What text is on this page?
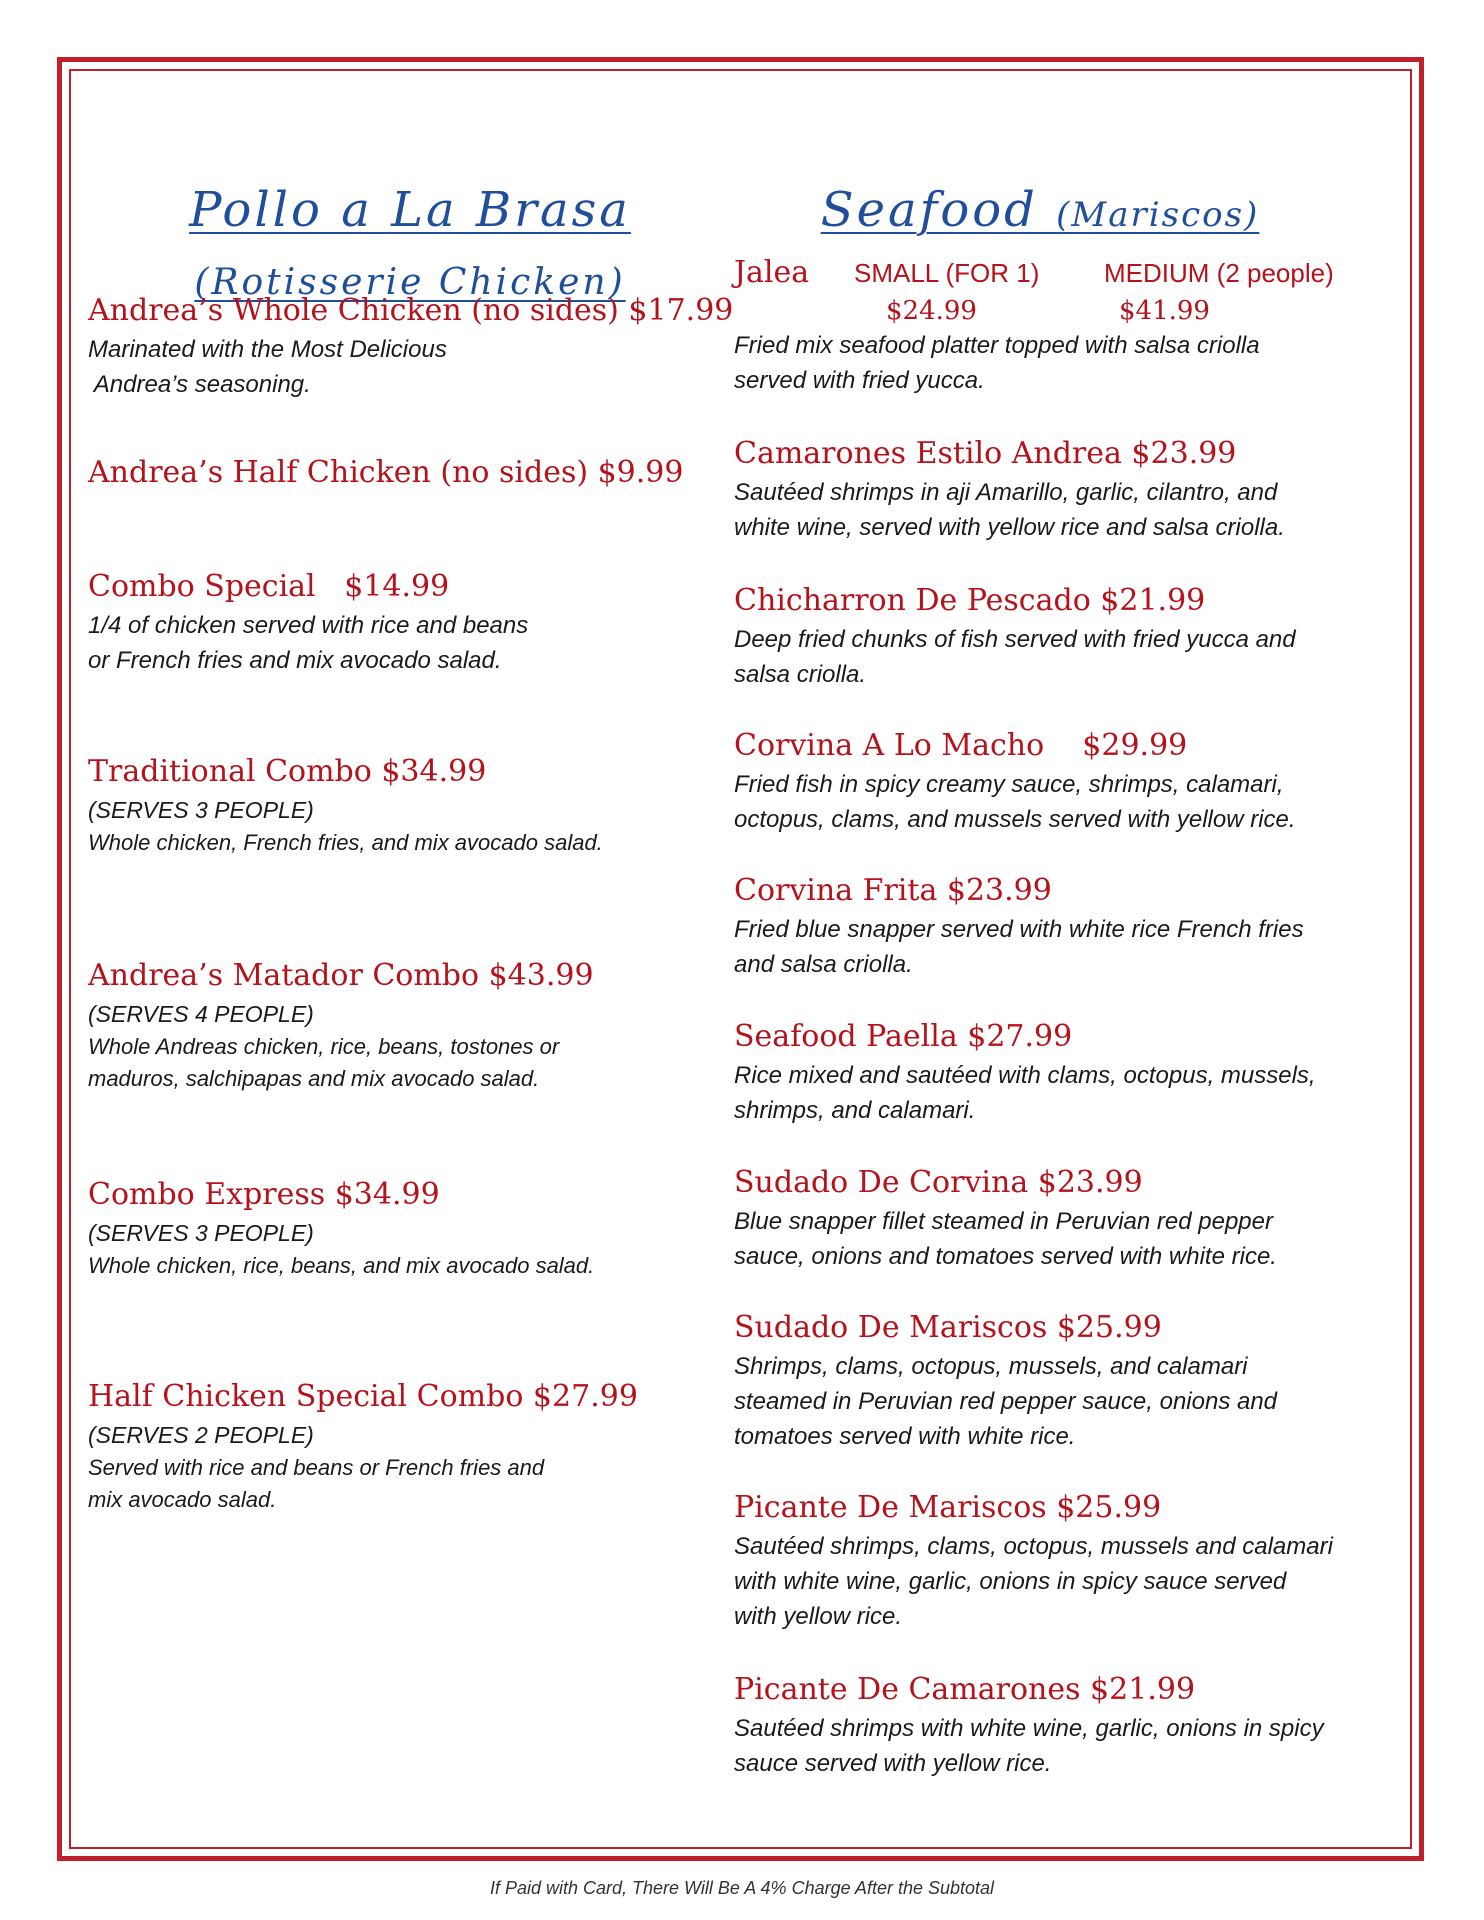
Pollo a La Brasa
(Rotisserie Chicken)
Seafood (Mariscos)
Andrea’s Whole Chicken (no sides) $17.99
Marinated with the Most Delicious
Andrea’s seasoning.
Andrea’s Half Chicken (no sides) $9.99
Combo Special   $14.99
1/4 of chicken served with rice and beans
or French fries and mix avocado salad.
Traditional Combo $34.99
(SERVES 3 PEOPLE)
Whole chicken, French fries, and mix avocado salad.
Andrea’s Matador Combo $43.99
(SERVES 4 PEOPLE)
Whole Andreas chicken, rice, beans, tostones or
maduros, salchipapas and mix avocado salad.
Combo Express $34.99
(SERVES 3 PEOPLE)
Whole chicken, rice, beans, and mix avocado salad.
Half Chicken Special Combo $27.99
(SERVES 2 PEOPLE)
Served with rice and beans or French fries and
mix avocado salad.
Jalea SMALL (FOR 1) MEDIUM (2 people)
$24.99	$41.99
Fried mix seafood platter topped with salsa criolla
served with fried yucca.
Camarones Estilo Andrea $23.99
Sautéed shrimps in aji Amarillo, garlic, cilantro, and
white wine, served with yellow rice and salsa criolla.
Chicharron De Pescado $21.99
Deep fried chunks of fish served with fried yucca and
salsa criolla.
Corvina A Lo Macho    $29.99
Fried fish in spicy creamy sauce, shrimps, calamari,
octopus, clams, and mussels served with yellow rice.
Corvina Frita $23.99
Fried blue snapper served with white rice French fries
and salsa criolla.
Seafood Paella $27.99
Rice mixed and sautéed with clams, octopus, mussels,
shrimps, and calamari.
Sudado De Corvina $23.99
Blue snapper fillet steamed in Peruvian red pepper
sauce, onions and tomatoes served with white rice.
Sudado De Mariscos $25.99
Shrimps, clams, octopus, mussels, and calamari
steamed in Peruvian red pepper sauce, onions and
tomatoes served with white rice.
Picante De Mariscos $25.99
Sautéed shrimps, clams, octopus, mussels and calamari
with white wine, garlic, onions in spicy sauce served
with yellow rice.
Picante De Camarones $21.99
Sautéed shrimps with white wine, garlic, onions in spicy
sauce served with yellow rice.
If Paid with Card, There Will Be A 4% Charge After the Subtotal
